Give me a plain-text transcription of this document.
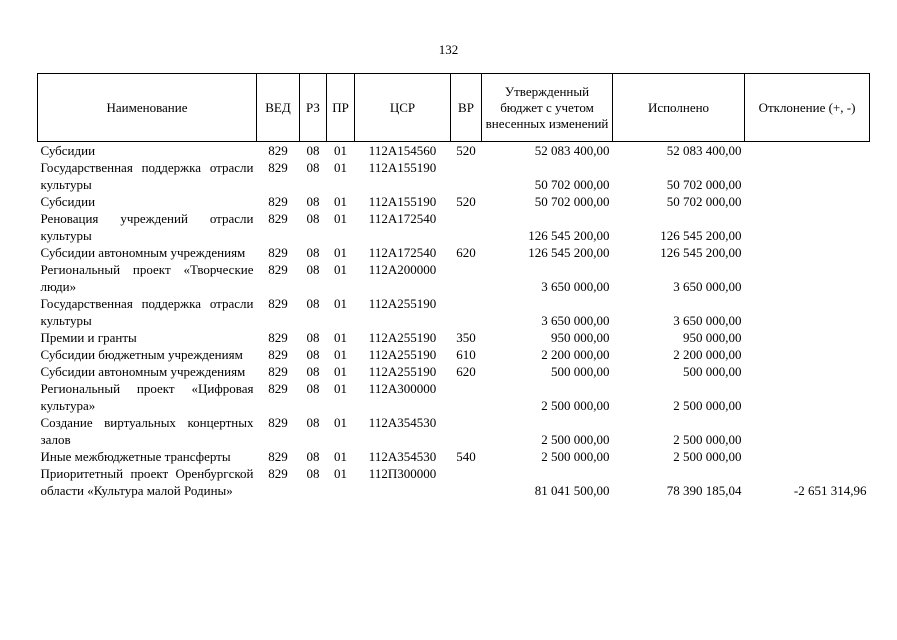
132
Наименование	ВЕД	РЗ	ПР	ЦСР	ВР	Утвержденный бюджет с учетом внесенных изменений	Исполнено	Отклонение (+, -)
Субсидии	829	08	01	112А154560	520	52 083 400,00	52 083 400,00	
Государственная поддержка отрасли культуры	829	08	01	112А155190		50 702 000,00	50 702 000,00	
Субсидии	829	08	01	112А155190	520	50 702 000,00	50 702 000,00	
Реновация учреждений отрасли культуры	829	08	01	112А172540		126 545 200,00	126 545 200,00	
Субсидии автономным учреждениям	829	08	01	112А172540	620	126 545 200,00	126 545 200,00	
Региональный проект «Творческие люди»	829	08	01	112А200000		3 650 000,00	3 650 000,00	
Государственная поддержка отрасли культуры	829	08	01	112А255190		3 650 000,00	3 650 000,00	
Премии и гранты	829	08	01	112А255190	350	950 000,00	950 000,00	
Субсидии бюджетным учреждениям	829	08	01	112А255190	610	2 200 000,00	2 200 000,00	
Субсидии автономным учреждениям	829	08	01	112А255190	620	500 000,00	500 000,00	
Региональный проект «Цифровая культура»	829	08	01	112А300000		2 500 000,00	2 500 000,00	
Создание виртуальных концертных залов	829	08	01	112А354530		2 500 000,00	2 500 000,00	
Иные межбюджетные трансферты	829	08	01	112А354530	540	2 500 000,00	2 500 000,00	
Приоритетный проект Оренбургской области «Культура малой Родины»	829	08	01	112П300000		81 041 500,00	78 390 185,04	-2 651 314,96
